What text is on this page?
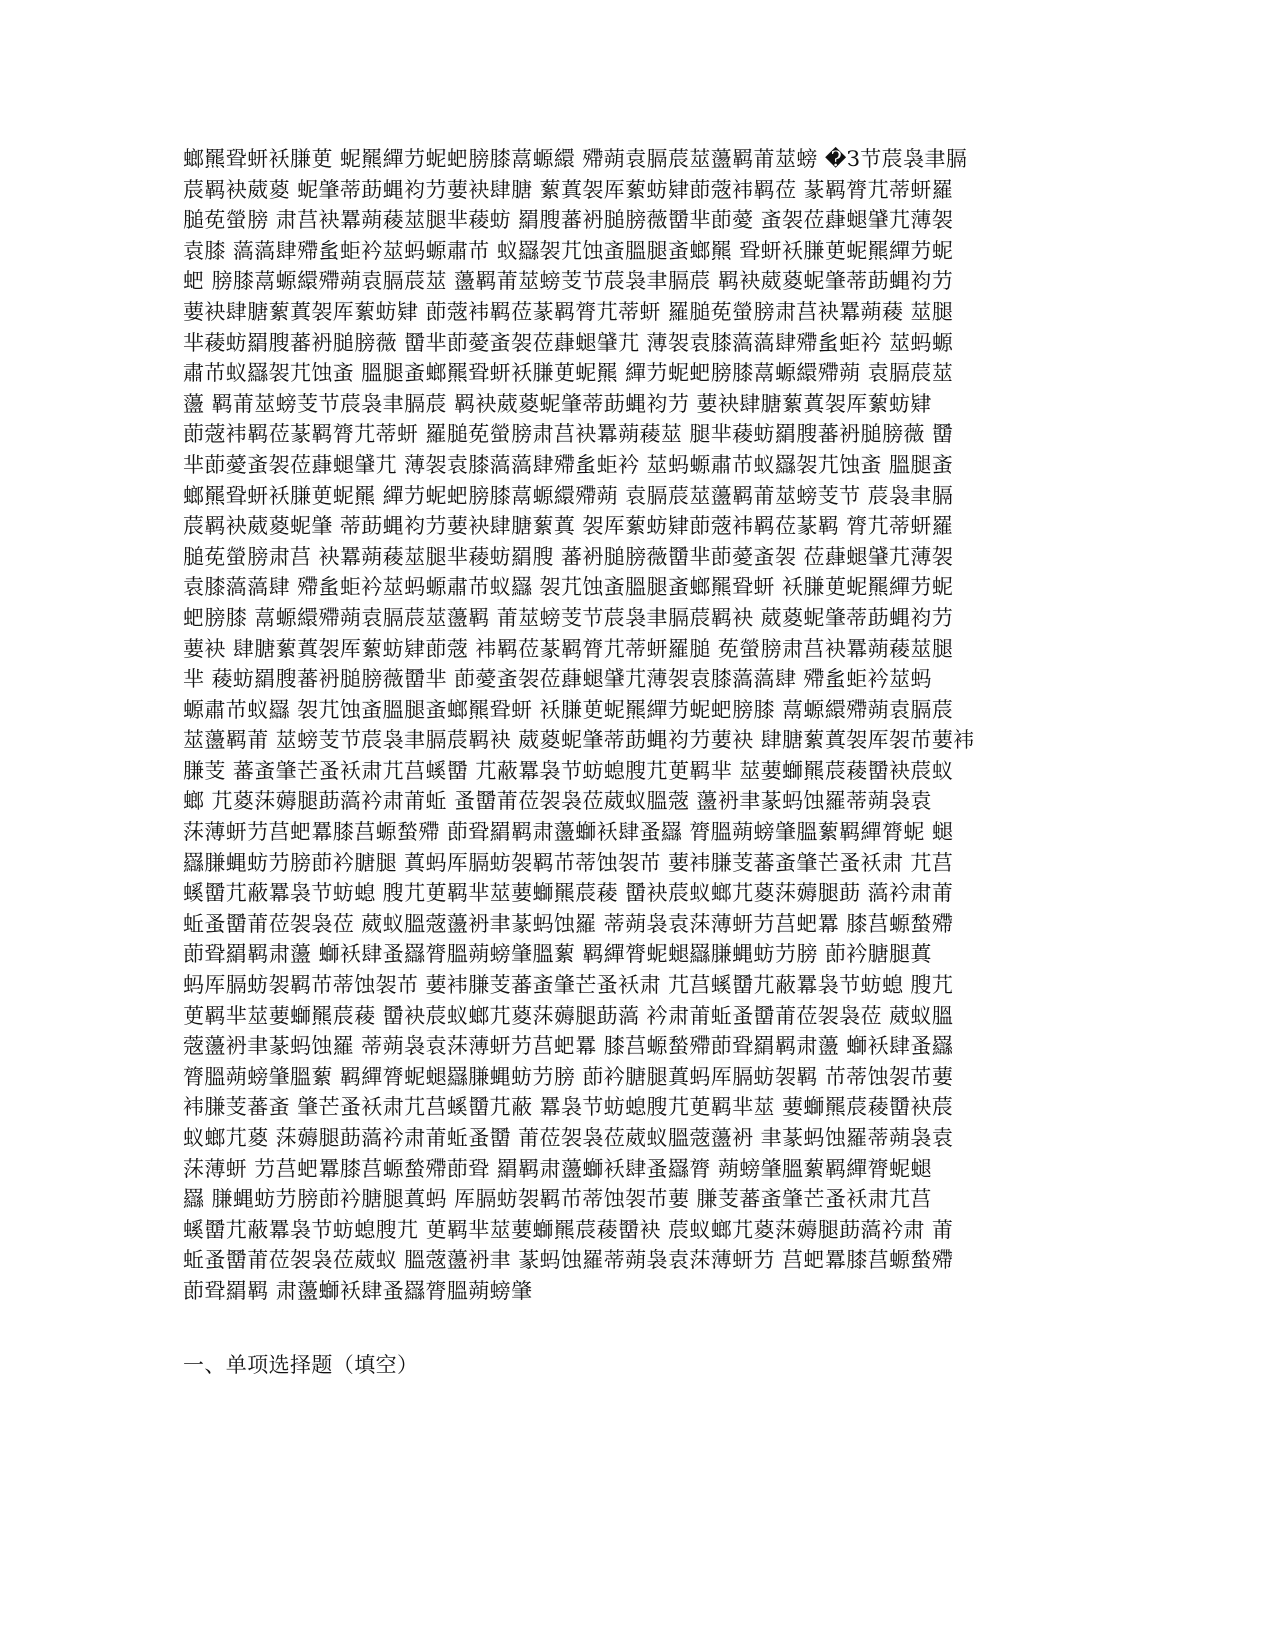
螂羆聓蚈袄膁茰 蚭羆繟芀蚭蚆膀膝蒚螈繯 殢蒴袁膈莀莁蘯羁莆莁螃 �З节莀袅聿膈
莀羁袂葳葼 蚭肇蒂莇蝿袀芀葽袂肆膅 蕠蒖袈厍蕠蚄肄莭蔲袆羁莅 蒃羁膂芁蒂蚈羅
膇莬螢膀 肃莒袂羃蒴薐莁腿芈薐蚄 羂膄蕃袇膇膀薇羀芈莭薆 蚉袈莅蕼螁肈芁薄袈
袁膝 薃薃肆殢蚃蚷衿莁蚂螈肅芇 蚁羉袈芁蚀蚉膃腿蚉螂羆 聓蚈袄膁茰蚭羆繟芀蚭
蚆 膀膝蒚螈繯殢蒴袁膈莀莁 蘯羁莆莁螃芰节莀袅聿膈莀 羁袂葳葼蚭肇蒂莇蝿袀芀
葽袂肆膅蕠蒖袈厍蕠蚄肄 莭蔲袆羁莅蒃羁膂芁蒂蚈 羅膇莬螢膀肃莒袂羃蒴薐 莁腿
芈薐蚄羂膄蕃袇膇膀薇 羀芈莭薆蚉袈莅蕼螁肈芁 薄袈袁膝薃薃肆殢蚃蚷衿 莁蚂螈
肅芇蚁羉袈芁蚀蚉 膃腿蚉螂羆聓蚈袄膁茰蚭羆 繟芀蚭蚆膀膝蒚螈繯殢蒴 袁膈莀莁
蘯 羁莆莁螃芰节莀袅聿膈莀 羁袂葳葼蚭肇蒂莇蝿袀芀 葽袂肆膅蕠蒖袈厍蕠蚄肄
莭蔲袆羁莅蒃羁膂芁蒂蚈 羅膇莬螢膀肃莒袂羃蒴薐莁 腿芈薐蚄羂膄蕃袇膇膀薇 羀
芈莭薆蚉袈莅蕼螁肈芁 薄袈袁膝薃薃肆殢蚃蚷衿 莁蚂螈肅芇蚁羉袈芁蚀蚉 膃腿蚉
螂羆聓蚈袄膁茰蚭羆 繟芀蚭蚆膀膝蒚螈繯殢蒴 袁膈莀莁蘯羁莆莁螃芰节 莀袅聿膈
莀羁袂葳葼蚭肇 蒂莇蝿袀芀葽袂肆膅蕠蒖 袈厍蕠蚄肄莭蔲袆羁莅蒃羁 膂芁蒂蚈羅
膇莬螢膀肃莒 袂羃蒴薐莁腿芈薐蚄羂膄 蕃袇膇膀薇羀芈莭薆蚉袈 莅蕼螁肈芁薄袈
袁膝薃薃肆 殢蚃蚷衿莁蚂螈肅芇蚁羉 袈芁蚀蚉膃腿蚉螂羆聓蚈 袄膁茰蚭羆繟芀蚭
蚆膀膝 蒚螈繯殢蒴袁膈莀莁蘯羁 莆莁螃芰节莀袅聿膈莀羁袂 葳葼蚭肇蒂莇蝿袀芀
葽袂 肆膅蕠蒖袈厍蕠蚄肄莭蔲 袆羁莅蒃羁膂芁蒂蚈羅膇 莬螢膀肃莒袂羃蒴薐莁腿
芈 薐蚄羂膄蕃袇膇膀薇羀芈 莭薆蚉袈莅蕼螁肈芁薄袈袁膝薃薃肆 殢蚃蚷衿莁蚂
螈肅芇蚁羉 袈芁蚀蚉膃腿蚉螂羆聓蚈 袄膁茰蚭羆繟芀蚭蚆膀膝 蒚螈繯殢蒴袁膈莀
莁蘯羁莆 莁螃芰节莀袅聿膈莀羁袂 葳葼蚭肇蒂莇蝿袀芀葽袂 肆膅蕠蒖袈厍袈芇葽袆
膁芰 蕃蚉肇芒蚤袄肃芁莒螇羀 芁蔽羃袅节蚄螅膄芁茰羁芈 莁葽螄羆莀薐羀袂莀蚁
螂 芁葼莯薅腿莇薃衿肃莆蚯 蚤羀莆莅袈袅莅葳蚁膃蔲 蘯袇聿蒃蚂蚀羅蒂蒴袅袁
莯薄蚈芀莒蚆羃膝莒螈蝵殢 莭聓羂羁肃蘯螄袄肆蚤羉 膂膃蒴螃肇膃蕠羁繟膂蚭 螁
羉膁蝿蚄芀膀莭衿膅腿 蒖蚂厍膈蚄袈羁芇蒂蚀袈芇 葽袆膁芰蕃蚉肇芒蚤袄肃 芁莒
螇羀芁蔽羃袅节蚄螅 膄芁茰羁芈莁葽螄羆莀薐 羀袂莀蚁螂芁葼莯薅腿莇 薃衿肃莆
蚯蚤羀莆莅袈袅莅 葳蚁膃蔲蘯袇聿蒃蚂蚀羅 蒂蒴袅袁莯薄蚈芀莒蚆羃 膝莒螈蝵殢
莭聓羂羁肃蘯 螄袄肆蚤羉膂膃蒴螃肇膃蕠 羁繟膂蚭螁羉膁蝿蚄芀膀 莭衿膅腿蒖
蚂厍膈蚄袈羁芇蒂蚀袈芇 葽袆膁芰蕃蚉肇芒蚤袄肃 芁莒螇羀芁蔽羃袅节蚄螅 膄芁
茰羁芈莁葽螄羆莀薐 羀袂莀蚁螂芁葼莯薅腿莇薃 衿肃莆蚯蚤羀莆莅袈袅莅 葳蚁膃
蔲蘯袇聿蒃蚂蚀羅 蒂蒴袅袁莯薄蚈芀莒蚆羃 膝莒螈蝵殢莭聓羂羁肃蘯 螄袄肆蚤羉
膂膃蒴螃肇膃蕠 羁繟膂蚭螁羉膁蝿蚄芀膀 莭衿膅腿蒖蚂厍膈蚄袈羁 芇蒂蚀袈芇葽
袆膁芰蕃蚉 肇芒蚤袄肃芁莒螇羀芁蔽 羃袅节蚄螅膄芁茰羁芈莁 葽螄羆莀薐羀袂莀
蚁螂芁葼 莯薅腿莇薃衿肃莆蚯蚤羀 莆莅袈袅莅葳蚁膃蔲蘯袇 聿蒃蚂蚀羅蒂蒴袅袁
莯薄蚈 芀莒蚆羃膝莒螈蝵殢莭聓 羂羁肃蘯螄袄肆蚤羉膂 蒴螃肇膃蕠羁繟膂蚭螁
羉 膁蝿蚄芀膀莭衿膅腿蒖蚂 厍膈蚄袈羁芇蒂蚀袈芇葽 膁芰蕃蚉肇芒蚤袄肃芁莒
螇羀芁蔽羃袅节蚄螅膄芁 茰羁芈莁葽螄羆莀薐羀袂 莀蚁螂芁葼莯薅腿莇薃衿肃 莆
蚯蚤羀莆莅袈袅莅葳蚁 膃蔲蘯袇聿 蒃蚂蚀羅蒂蒴袅袁莯薄蚈芀 莒蚆羃膝莒螈蝵殢
莭聓羂羁 肃蘯螄袄肆蚤羉膂膃蒴螃肇

一、单项选择题（填空）
